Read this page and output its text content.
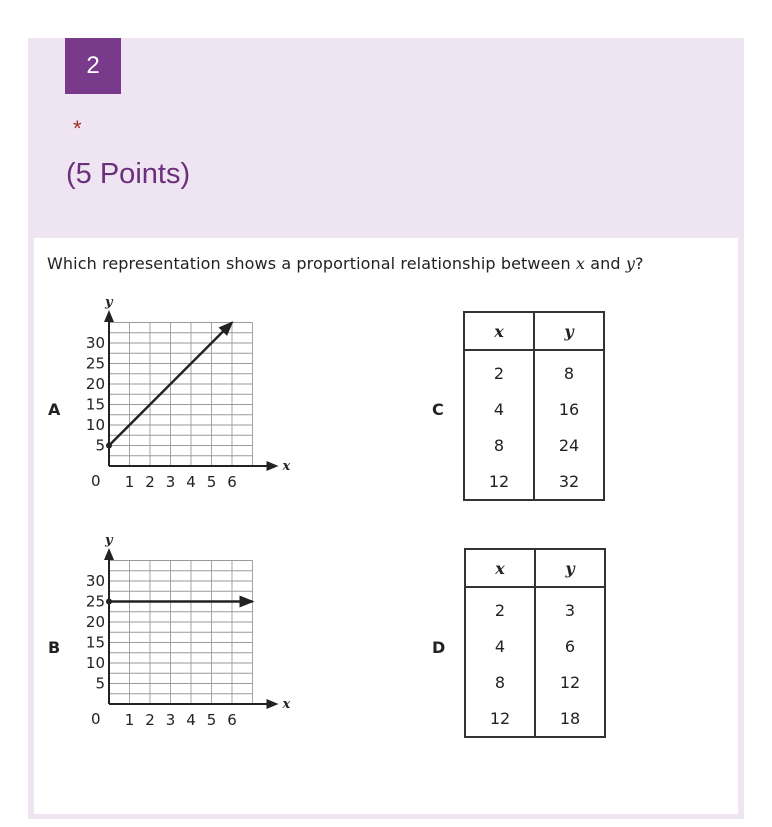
2
*
(5 Points)
Which representation shows a proportional relationship between x and y?
A
y
x
0 1 2 3 4 5 6
5
10
15
20
25
30
B
y
x
0 1 2 3 4 5 6
5
10
15
20
25
30
C
x	y
2	8
4	16
8	24
12	32
D
x	y
2	3
4	6
8	12
12	18
